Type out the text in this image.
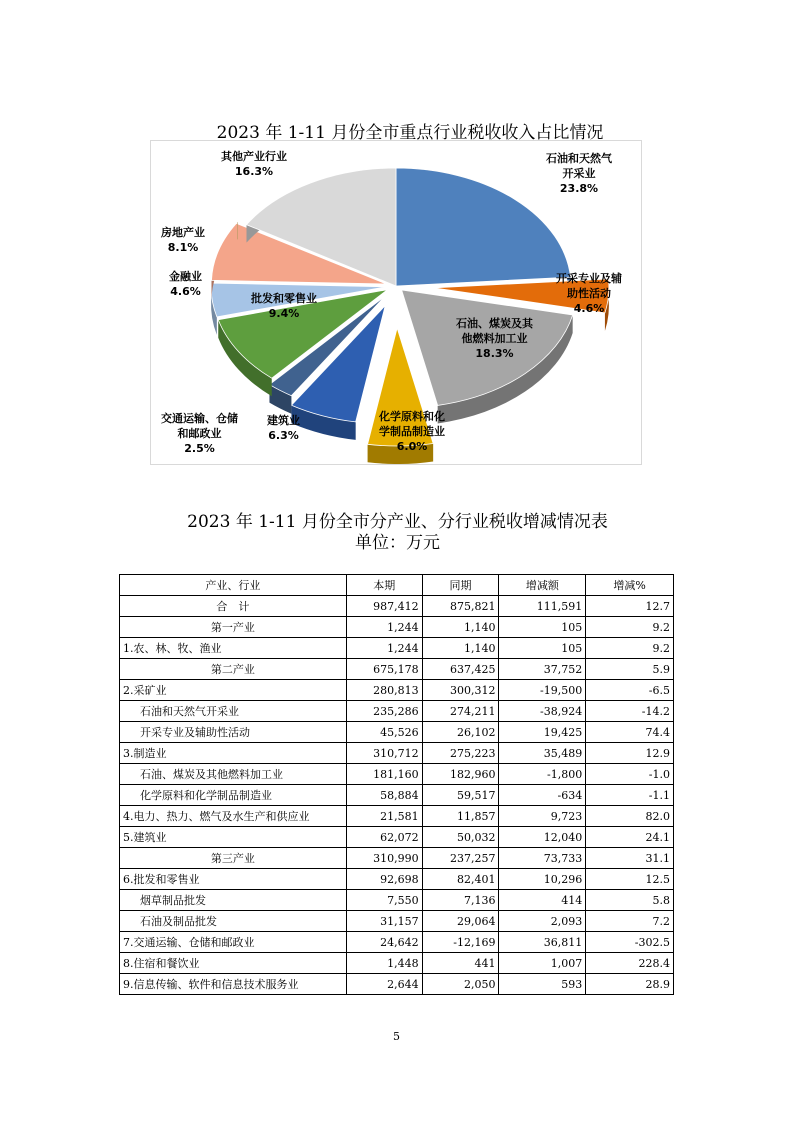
2023 年 1-11 月份全市重点行业税收收入占比情况
石油和天然气
开采业
23.8%
开采专业及辅
助性活动
4.6%
石油、煤炭及其
他燃料加工业
18.3%
化学原料和化
学制品制造业
6.0%
建筑业
6.3%
交通运输、仓储
和邮政业
2.5%
批发和零售业
9.4%
金融业
4.6%
房地产业
8.1%
其他产业行业
16.3%
2023 年 1-11 月份全市分产业、分行业税收增减情况表
单位：万元
产业、行业	本期	同期	增减额	增减%
合　计	987,412	875,821	111,591	12.7
第一产业	1,244	1,140	105	9.2
1.农、林、牧、渔业	1,244	1,140	105	9.2
第二产业	675,178	637,425	37,752	5.9
2.采矿业	280,813	300,312	-19,500	-6.5
石油和天然气开采业	235,286	274,211	-38,924	-14.2
开采专业及辅助性活动	45,526	26,102	19,425	74.4
3.制造业	310,712	275,223	35,489	12.9
石油、煤炭及其他燃料加工业	181,160	182,960	-1,800	-1.0
化学原料和化学制品制造业	58,884	59,517	-634	-1.1
4.电力、热力、燃气及水生产和供应业	21,581	11,857	9,723	82.0
5.建筑业	62,072	50,032	12,040	24.1
第三产业	310,990	237,257	73,733	31.1
6.批发和零售业	92,698	82,401	10,296	12.5
烟草制品批发	7,550	7,136	414	5.8
石油及制品批发	31,157	29,064	2,093	7.2
7.交通运输、仓储和邮政业	24,642	-12,169	36,811	-302.5
8.住宿和餐饮业	1,448	441	1,007	228.4
9.信息传输、软件和信息技术服务业	2,644	2,050	593	28.9
5
